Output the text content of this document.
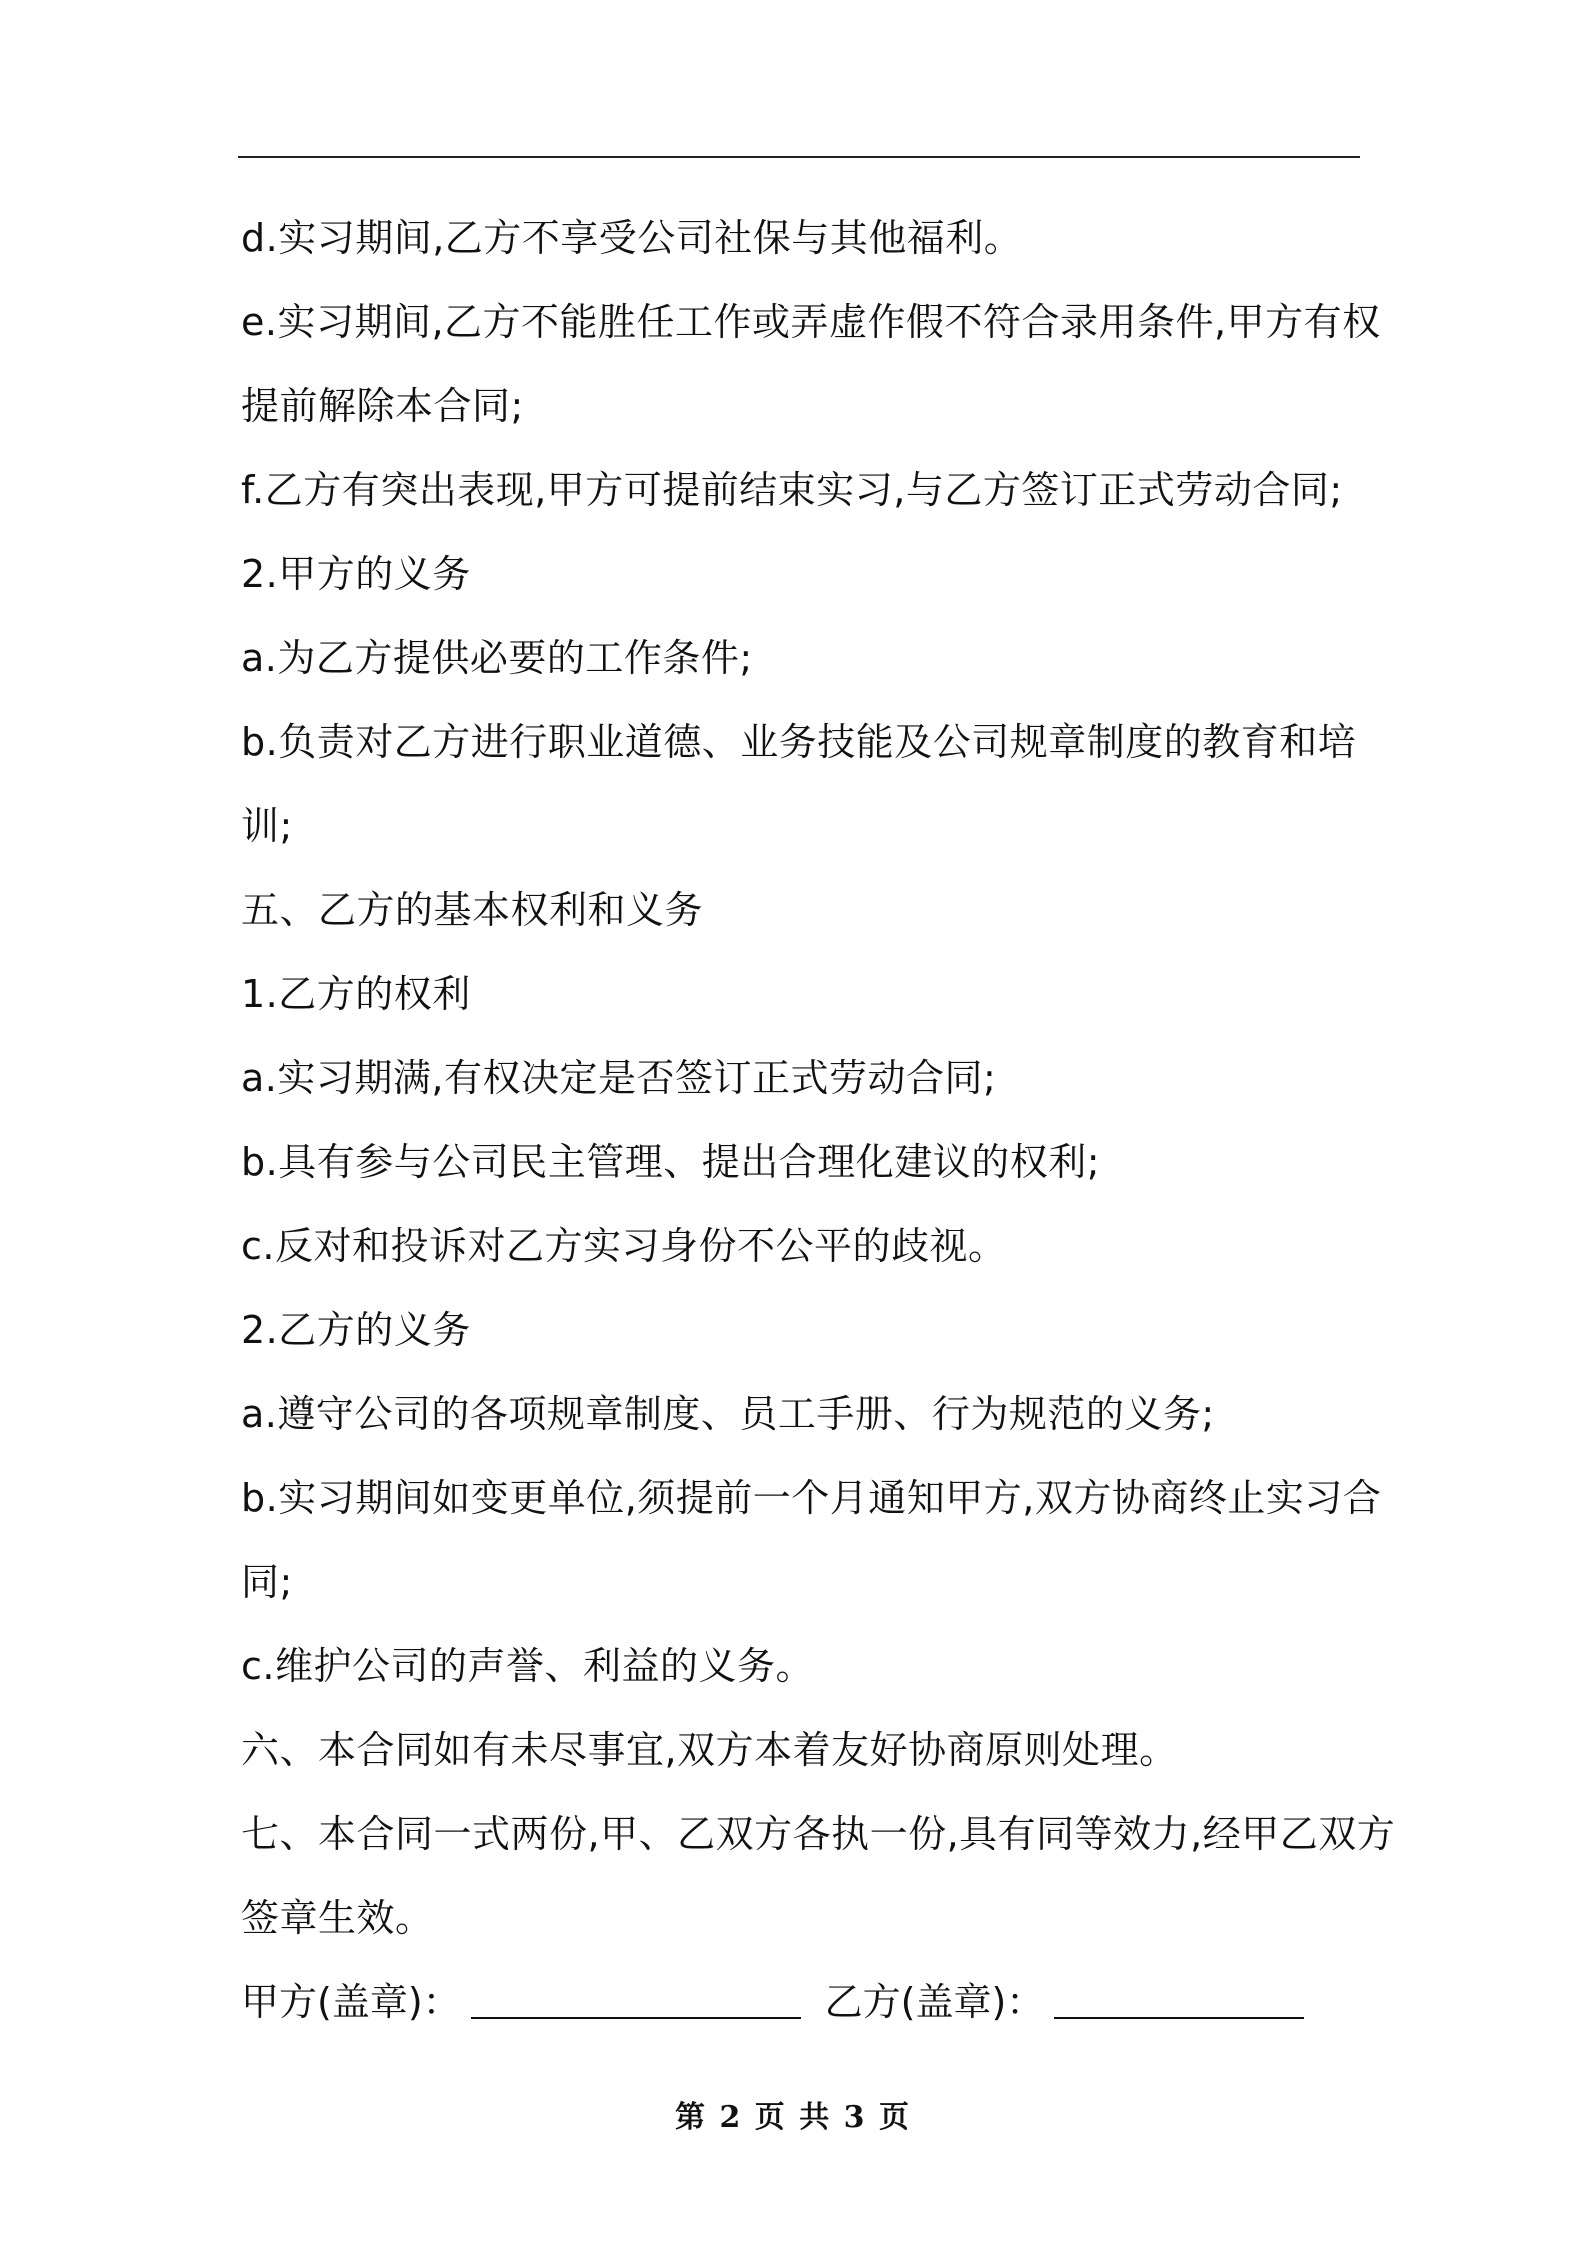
d.实习期间,乙方不享受公司社保与其他福利。
e.实习期间,乙方不能胜任工作或弄虚作假不符合录用条件,甲方有权
提前解除本合同;
f.乙方有突出表现,甲方可提前结束实习,与乙方签订正式劳动合同;
2.甲方的义务
a.为乙方提供必要的工作条件;
b.负责对乙方进行职业道德、业务技能及公司规章制度的教育和培
训;
五、乙方的基本权利和义务
1.乙方的权利
a.实习期满,有权决定是否签订正式劳动合同;
b.具有参与公司民主管理、提出合理化建议的权利;
c.反对和投诉对乙方实习身份不公平的歧视。
2.乙方的义务
a.遵守公司的各项规章制度、员工手册、行为规范的义务;
b.实习期间如变更单位,须提前一个月通知甲方,双方协商终止实习合
同;
c.维护公司的声誉、利益的义务。
六、本合同如有未尽事宜,双方本着友好协商原则处理。
七、本合同一式两份,甲、乙双方各执一份,具有同等效力,经甲乙双方
签章生效。
甲方(盖章)：	乙方(盖章)：
第 2 页 共 3 页
